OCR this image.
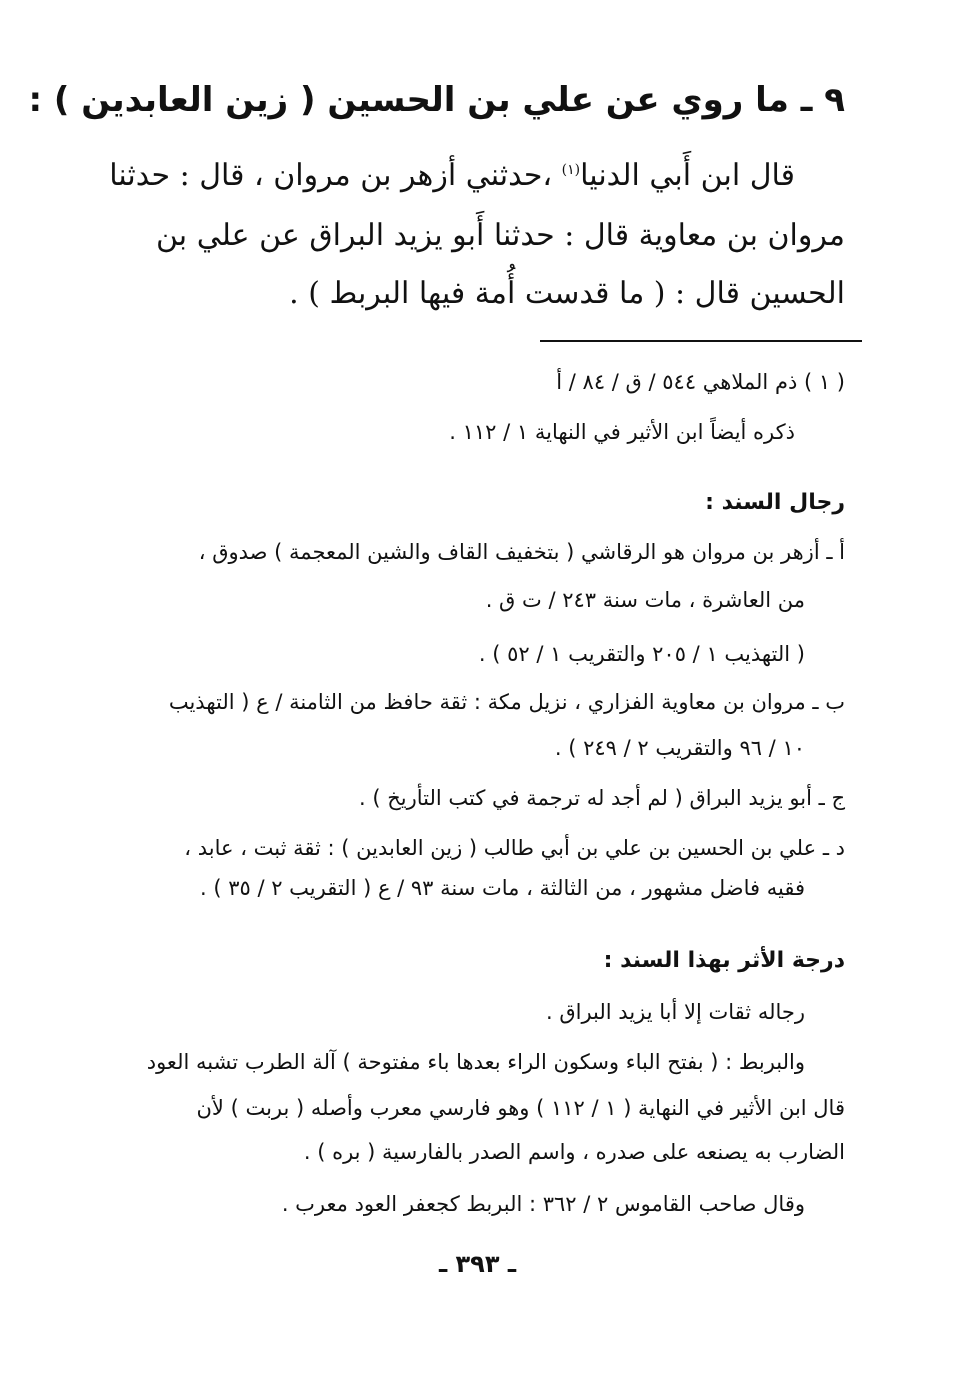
٩ ـ ما روي عن علي بن الحسين ( زين العابدين ) :
قال ابن أَبي الدنيا$^{(١)}$ ،حدثني أزهر بن مروان ، قال : حدثنا
مروان بن معاوية قال : حدثنا أَبو يزيد البراق عن علي بن
الحسين قال : ( ما قدست أُمة فيها البربط ) .
( ١ ) ذم الملاهي ٥٤٤ / ق / ٨٤ / أ
ذكره أيضاً ابن الأثير في النهاية ١ / ١١٢ .
رجال السند :
أ ـ أزهر بن مروان هو الرقاشي ( بتخفيف القاف والشين المعجمة ) صدوق ،
من العاشرة ، مات سنة ٢٤٣ / ت ق .
( التهذيب ١ / ٢٠٥ والتقريب ١ / ٥٢ ) .
ب ـ مروان بن معاوية الفزاري ، نزيل مكة : ثقة حافظ من الثامنة / ع ( التهذيب
١٠ / ٩٦ والتقريب ٢ / ٢٤٩ ) .
ج ـ أبو يزيد البراق ( لم أجد له ترجمة في كتب التأريخ ) .
د ـ علي بن الحسين بن علي بن أبي طالب ( زين العابدين ) : ثقة ثبت ، عابد ،
فقيه فاضل مشهور ، من الثالثة ، مات سنة ٩٣ / ع ( التقريب ٢ / ٣٥ ) .
درجة الأثر بهذا السند :
رجاله ثقات إلا أبا يزيد البراق .
والبربط : ( بفتح الباء وسكون الراء بعدها باء مفتوحة ) آلة الطرب تشبه العود
قال ابن الأثير في النهاية ( ١ / ١١٢ ) وهو فارسي معرب وأصله ( بربت ) لأن
الضارب به يصنعه على صدره ، واسم الصدر بالفارسية ( بره ) .
وقال صاحب القاموس ٢ / ٣٦٢ : البربط كجعفر العود معرب .
ـ ٣٩٣ ـ
